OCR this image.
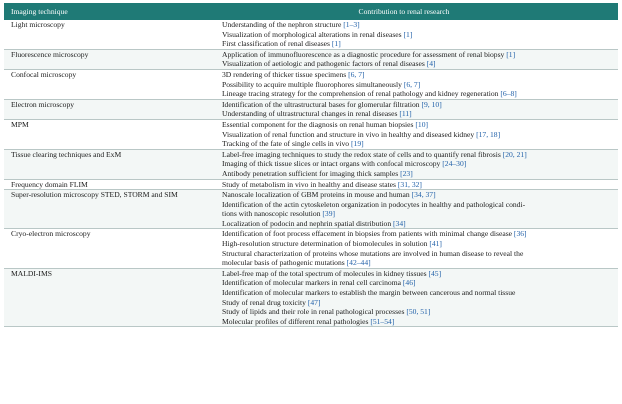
Imaging technique	Contribution to renal research
Light microscopy	Understanding of the nephron structure [1–3]
Visualization of morphological alterations in renal diseases [1]
First classification of renal diseases [1]
Fluorescence microscopy	Application of immunofluorescence as a diagnostic procedure for assessment of renal biopsy [1]
Visualization of aetiologic and pathogenic factors of renal diseases [4]
Confocal microscopy	3D rendering of thicker tissue specimens [6, 7]
Possibility to acquire multiple fluorophores simultaneously [6, 7]
Lineage tracing strategy for the comprehension of renal pathology and kidney regeneration [6–8]
Electron microscopy	Identification of the ultrastructural bases for glomerular filtration [9, 10]
Understanding of ultrastructural changes in renal diseases [11]
MPM	Essential component for the diagnosis on renal human biopsies [10]
Visualization of renal function and structure in vivo in healthy and diseased kidney [17, 18]
Tracking of the fate of single cells in vivo [19]
Tissue clearing techniques and ExM	Label-free imaging techniques to study the redox state of cells and to quantify renal fibrosis [20, 21]
Imaging of thick tissue slices or intact organs with confocal microscopy [24–30]
Antibody penetration sufficient for imaging thick samples [23]
Frequency domain FLIM	Study of metabolism in vivo in healthy and disease states [31, 32]
Super-resolution microscopy STED, STORM and SIM	Nanoscale localization of GBM proteins in mouse and human [34, 37]
Identification of the actin cytoskeleton organization in podocytes in healthy and pathological condi-
tions with nanoscopic resolution [39]
Localization of podocin and nephrin spatial distribution [34]
Cryo-electron microscopy	Identification of foot process effacement in biopsies from patients with minimal change disease [36]
High-resolution structure determination of biomolecules in solution [41]
Structural characterization of proteins whose mutations are involved in human disease to reveal the
molecular basis of pathogenic mutations [42–44]
MALDI-IMS	Label-free map of the total spectrum of molecules in kidney tissues [45]
Identification of molecular markers in renal cell carcinoma [46]
Identification of molecular markers to establish the margin between cancerous and normal tissue
Study of renal drug toxicity [47]
Study of lipids and their role in renal pathological processes [50, 51]
Molecular profiles of different renal pathologies [51–54]
